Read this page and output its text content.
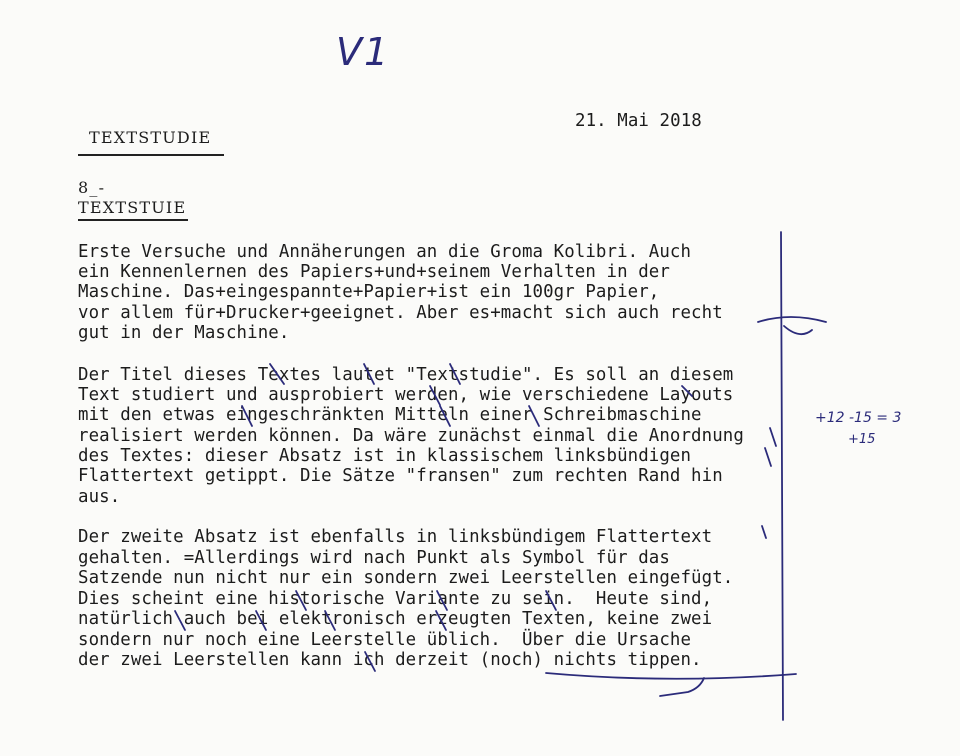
V1
21. Mai 2018
TEXTSTUDIE
8_-
TEXTSTUIE
Erste Versuche und Annäherungen an die Groma Kolibri. Auch
ein Kennenlernen des Papiers+und+seinem Verhalten in der
Maschine. Das+eingespannte+Papier+ist ein 100gr Papier,
vor allem für+Drucker+geeignet. Aber es+macht sich auch recht
gut in der Maschine.
Der Titel dieses Textes lautet "Textstudie". Es soll an diesem
Text studiert und ausprobiert werden, wie verschiedene Layouts
mit den etwas eingeschränkten Mitteln einer Schreibmaschine
realisiert werden können. Da wäre zunächst einmal die Anordnung
des Textes: dieser Absatz ist in klassischem linksbündigen
Flattertext getippt. Die Sätze "fransen" zum rechten Rand hin
aus.
Der zweite Absatz ist ebenfalls in linksbündigem Flattertext
gehalten. =Allerdings wird nach Punkt als Symbol für das
Satzende nun nicht nur ein sondern zwei Leerstellen eingefügt.
Dies scheint eine historische Variante zu sein.  Heute sind,
natürlich auch bei elektronisch erzeugten Texten, keine zwei
sondern nur noch eine Leerstelle üblich.  Über die Ursache
der zwei Leerstellen kann ich derzeit (noch) nichts tippen.
+12 -15 = 3
+15
